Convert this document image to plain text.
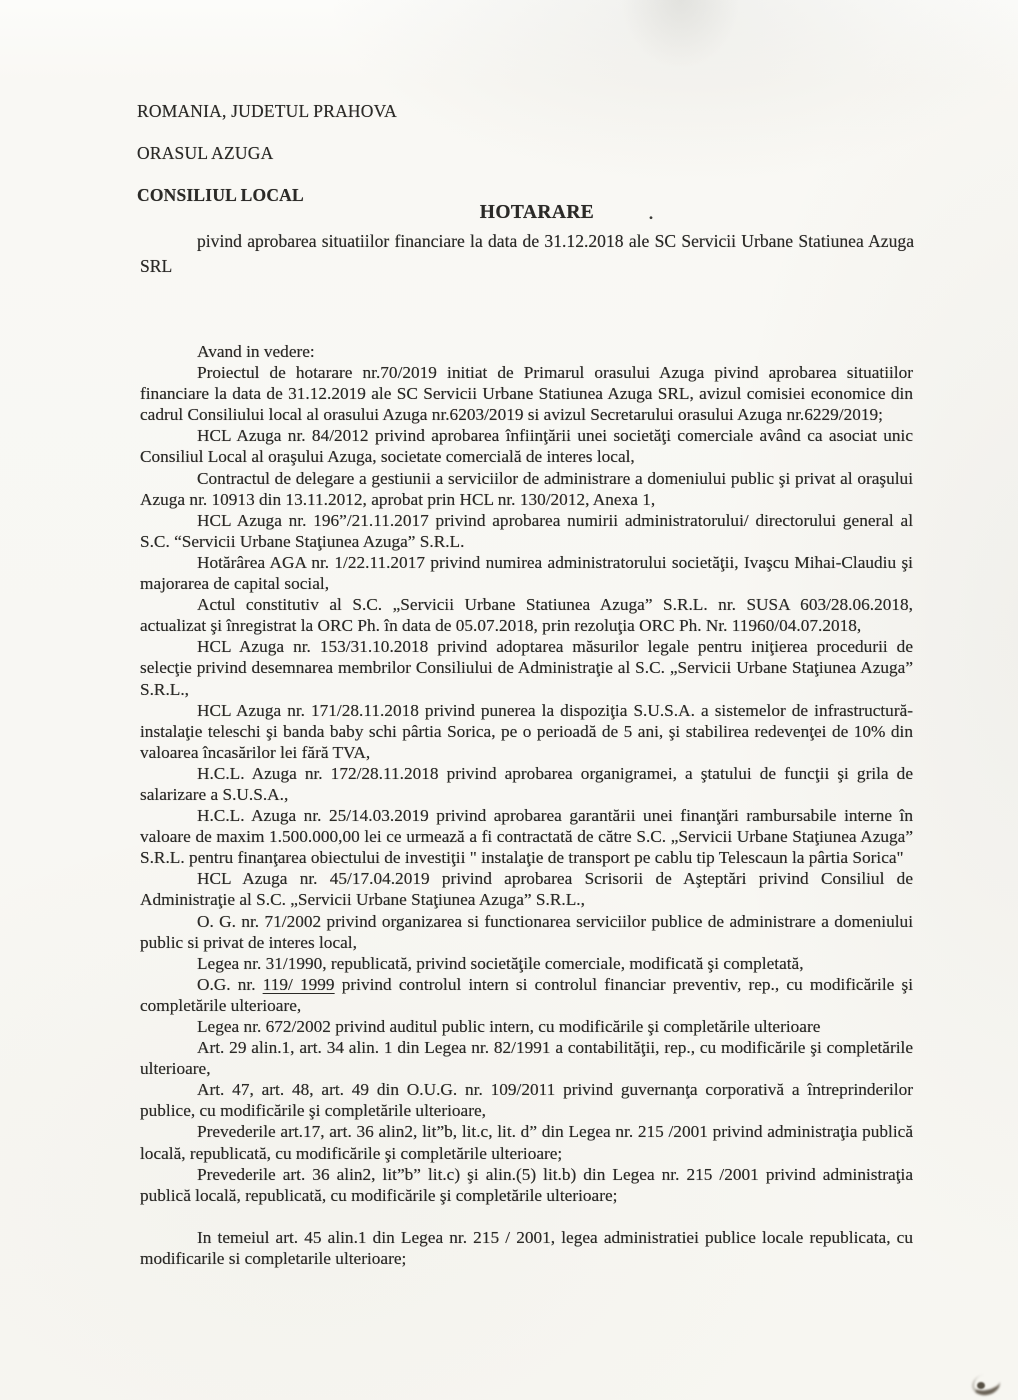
ROMANIA, JUDETUL PRAHOVA

ORASUL AZUGA

CONSILIUL LOCAL

HOTARARE	.

pivind aprobarea situatiilor financiare la data de 31.12.2018 ale SC Servicii Urbane Statiunea Azuga SRL

Avand in vedere:

Proiectul de hotarare nr.70/2019 initiat de Primarul orasului Azuga pivind aprobarea situatiilor financiare la data de 31.12.2019 ale SC Servicii Urbane Statiunea Azuga SRL, avizul comisiei economice din cadrul Consiliului local al orasului Azuga nr.6203/2019 si avizul Secretarului orasului Azuga nr.6229/2019;

HCL Azuga nr. 84/2012 privind aprobarea înfiinţării unei societăţi comerciale având ca asociat unic Consiliul Local al oraşului Azuga, societate comercială de interes local,

Contractul de delegare a gestiunii a serviciilor de administrare a domeniului public şi privat al oraşului Azuga nr. 10913 din 13.11.2012, aprobat prin HCL nr. 130/2012, Anexa 1,

HCL Azuga nr. 196”/21.11.2017 privind aprobarea numirii administratorului/ directorului general al S.C. “Servicii Urbane Staţiunea Azuga” S.R.L.

Hotărârea AGA nr. 1/22.11.2017 privind numirea administratorului societăţii, Ivaşcu Mihai-Claudiu şi majorarea de capital social,

Actul constitutiv al S.C. „Servicii Urbane Statiunea Azuga” S.R.L. nr. SUSA 603/28.06.2018, actualizat şi înregistrat la ORC Ph. în data de 05.07.2018, prin rezoluţia ORC Ph. Nr. 11960/04.07.2018,

HCL Azuga nr. 153/31.10.2018 privind adoptarea măsurilor legale pentru iniţierea procedurii de selecţie privind desemnarea membrilor Consiliului de Administraţie al S.C. „Servicii Urbane Staţiunea Azuga” S.R.L.,

HCL Azuga nr. 171/28.11.2018 privind punerea la dispoziţia S.U.S.A. a sistemelor de infrastructură-instalaţie teleschi şi banda baby schi pârtia Sorica, pe o perioadă de 5 ani, şi stabilirea redevenţei de 10% din valoarea încasărilor lei fără TVA,

H.C.L. Azuga nr. 172/28.11.2018 privind aprobarea organigramei, a ştatului de funcţii şi grila de salarizare a S.U.S.A.,

H.C.L. Azuga nr. 25/14.03.2019 privind aprobarea garantării unei finanţări rambursabile interne în valoare de maxim 1.500.000,00 lei ce urmează a fi contractată de către S.C. „Servicii Urbane Staţiunea Azuga” S.R.L. pentru finanţarea obiectului de investiţii " instalaţie de transport pe cablu tip Telescaun la pârtia Sorica"

HCL Azuga nr. 45/17.04.2019 privind aprobarea Scrisorii de Aşteptări privind Consiliul de Administraţie al S.C. „Servicii Urbane Staţiunea Azuga” S.R.L.,

O. G. nr. 71/2002 privind organizarea si functionarea serviciilor publice de administrare a domeniului public si privat de interes local,

Legea nr. 31/1990, republicată, privind societăţile comerciale, modificată şi completată,

O.G. nr. 119/ 1999 privind controlul intern si controlul financiar preventiv, rep., cu modificările şi completările ulterioare,

Legea nr. 672/2002 privind auditul public intern, cu modificările şi completările ulterioare

Art. 29 alin.1, art. 34 alin. 1 din Legea nr. 82/1991 a contabilităţii, rep., cu modificările şi completările ulterioare,

Art. 47, art. 48, art. 49 din O.U.G. nr. 109/2011 privind guvernanţa corporativă a întreprinderilor publice, cu modificările şi completările ulterioare,

Prevederile art.17, art. 36 alin2, lit”b, lit.c, lit. d” din Legea nr. 215 /2001 privind administraţia publică locală, republicată, cu modificările şi completările ulterioare;

Prevederile art. 36 alin2, lit”b” lit.c) şi alin.(5) lit.b) din Legea nr. 215 /2001 privind administraţia publică locală, republicată, cu modificările şi completările ulterioare;

In temeiul art. 45 alin.1 din Legea nr. 215 / 2001, legea administratiei publice locale republicata, cu modificarile si completarile ulterioare;
